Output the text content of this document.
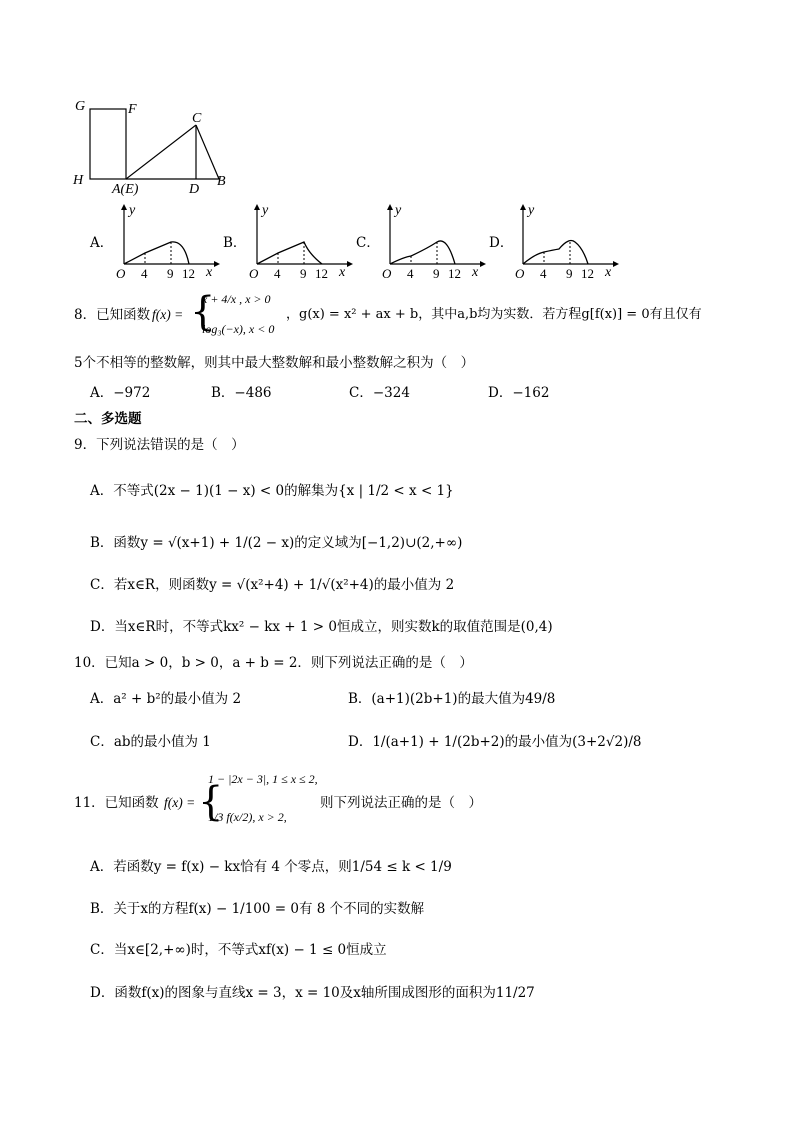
G	F
C
H
A(E)	D
B
A．
y
O 4 9 12 x
B．
y
O 4 9 12 x
C．
y
O 4 9 12 x
D．
y
O 4 9 12 x
8．已知函数 f(x) = {
x + 4/x , x > 0
log₃(−x), x < 0
，g(x) = x² + ax + b，其中a,b均为实数．若方程g[f(x)] = 0有且仅有
5个不相等的整数解，则其中最大整数解和最小整数解之积为（　）
A．−972	B．−486	C．−324	D．−162
二、多选题
9．下列说法错误的是（　）
A．不等式(2x − 1)(1 − x) < 0的解集为{x | 1/2 < x < 1}
B．函数y = √(x+1) + 1/(2 − x)的定义域为[−1,2)∪(2,+∞)
C．若x∈R，则函数y = √(x²+4) + 1/√(x²+4)的最小值为 2
D．当x∈R时，不等式kx² − kx + 1 > 0恒成立，则实数k的取值范围是(0,4)
10．已知a > 0，b > 0，a + b = 2．则下列说法正确的是（　）
A．a² + b²的最小值为 2	B．(a+1)(2b+1)的最大值为49/8
C．ab的最小值为 1	D．1/(a+1) + 1/(2b+2)的最小值为(3+2√2)/8
11．已知函数 f(x) = {
1 − |2x − 3|, 1 ≤ x ≤ 2,
1/3 f(x/2), x > 2,
则下列说法正确的是（　）
A．若函数y = f(x) − kx恰有 4 个零点，则1/54 ≤ k < 1/9
B．关于x的方程f(x) − 1/100 = 0有 8 个不同的实数解
C．当x∈[2,+∞)时，不等式xf(x) − 1 ≤ 0恒成立
D．函数f(x)的图象与直线x = 3，x = 10及x轴所围成图形的面积为11/27
